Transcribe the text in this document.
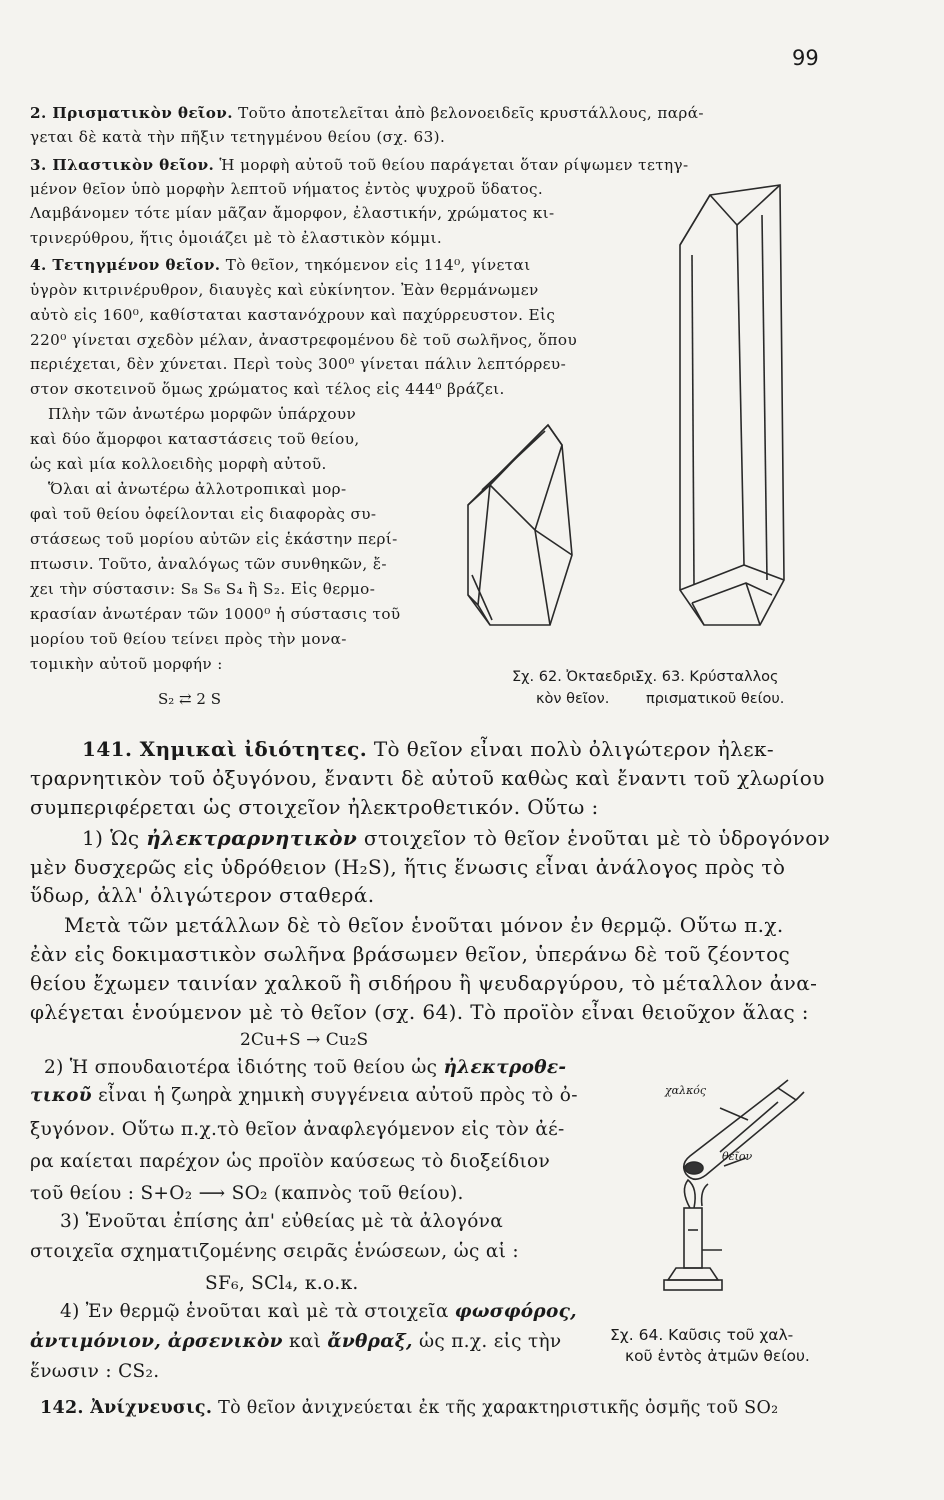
99
2. Πρισματικὸν θεῖον. Τοῦτο ἀποτελεῖται ἀπὸ βελονοειδεῖς κρυστάλλους, παρά-
γεται δὲ κατὰ τὴν πῆξιν τετηγμένου θείου (σχ. 63).
3. Πλαστικὸν θεῖον. Ἡ μορφὴ αὐτοῦ τοῦ θείου παράγεται ὅταν ρίψωμεν τετηγ-
μένον θεῖον ὑπὸ μορφὴν λεπτοῦ νήματος ἐντὸς ψυχροῦ ὕδατος.
Λαμβάνομεν τότε μίαν μᾶζαν ἄμορφον, ἐλαστικήν, χρώματος κι-
τρινερύθρου, ἥτις ὁμοιάζει μὲ τὸ ἐλαστικὸν κόμμι.
4. Τετηγμένον θεῖον. Τὸ θεῖον, τηκόμενον εἰς 114⁰, γίνεται
ὑγρὸν κιτρινέρυθρον, διαυγὲς καὶ εὐκίνητον. Ἐὰν θερμάνωμεν
αὐτὸ εἰς 160⁰, καθίσταται καστανόχρουν καὶ παχύρρευστον. Εἰς
220⁰ γίνεται σχεδὸν μέλαν, ἀναστρεφομένου δὲ τοῦ σωλῆνος, ὅπου
περιέχεται, δὲν χύνεται. Περὶ τοὺς 300⁰ γίνεται πάλιν λεπτόρρευ-
στον σκοτεινοῦ ὅμως χρώματος καὶ τέλος εἰς 444⁰ βράζει.
Πλὴν τῶν ἀνωτέρω μορφῶν ὑπάρχουν
καὶ δύο ἄμορφοι καταστάσεις τοῦ θείου,
ὡς καὶ μία κολλοειδὴς μορφὴ αὐτοῦ.
Ὅλαι αἱ ἀνωτέρω ἀλλοτροπικαὶ μορ-
φαὶ τοῦ θείου ὀφείλονται εἰς διαφορὰς συ-
στάσεως τοῦ μορίου αὐτῶν εἰς ἑκάστην περί-
πτωσιν. Τοῦτο, ἀναλόγως τῶν συνθηκῶν, ἔ-
χει τὴν σύστασιν: S₈ S₆ S₄ ἢ S₂. Εἰς θερμο-
κρασίαν ἀνωτέραν τῶν 1000⁰ ἡ σύστασις τοῦ
μορίου τοῦ θείου τείνει πρὸς τὴν μονα-
τομικὴν αὐτοῦ μορφήν :
S₂ ⇄ 2 S
Σχ. 62. Ὀκταεδρι-
κὸν θεῖον.
Σχ. 63. Κρύσταλλος
πρισματικοῦ θείου.
141. Χημικαὶ ἰδιότητες. Τὸ θεῖον εἶναι πολὺ ὀλιγώτερον ἠλεκ-
τραρνητικὸν τοῦ ὀξυγόνου, ἔναντι δὲ αὐτοῦ καθὼς καὶ ἔναντι τοῦ χλωρίου
συμπεριφέρεται ὡς στοιχεῖον ἠλεκτροθετικόν. Οὕτω :
1) Ὡς ἠλεκτραρνητικὸν στοιχεῖον τὸ θεῖον ἑνοῦται μὲ τὸ ὑδρογόνον
μὲν δυσχερῶς εἰς ὑδρόθειον (H₂S), ἥτις ἕνωσις εἶναι ἀνάλογος πρὸς τὸ
ὕδωρ, ἀλλ' ὀλιγώτερον σταθερά.
Μετὰ τῶν μετάλλων δὲ τὸ θεῖον ἑνοῦται μόνον ἐν θερμῷ. Οὕτω π.χ.
ἐὰν εἰς δοκιμαστικὸν σωλῆνα βράσωμεν θεῖον, ὑπεράνω δὲ τοῦ ζέοντος
θείου ἔχωμεν ταινίαν χαλκοῦ ἢ σιδήρου ἢ ψευδαργύρου, τὸ μέταλλον ἀνα-
φλέγεται ἑνούμενον μὲ τὸ θεῖον (σχ. 64). Τὸ προϊὸν εἶναι θειοῦχον ἅλας :
2Cu+S → Cu₂S
2) Ἡ σπουδαιοτέρα ἰδιότης τοῦ θείου ὡς ἠλεκτροθε-
τικοῦ εἶναι ἡ ζωηρὰ χημικὴ συγγένεια αὐτοῦ πρὸς τὸ ὀ-
ξυγόνον. Οὕτω π.χ.τὸ θεῖον ἀναφλεγόμενον εἰς τὸν ἀέ-
ρα καίεται παρέχον ὡς προϊὸν καύσεως τὸ διοξείδιον
τοῦ θείου : S+O₂ ⟶ SO₂ (καπνὸς τοῦ θείου).
3) Ἑνοῦται ἐπίσης ἀπ' εὐθείας μὲ τὰ ἀλογόνα
στοιχεῖα σχηματιζομένης σειρᾶς ἑνώσεων, ὡς αἱ :
SF₆, SCl₄, κ.ο.κ.
4) Ἐν θερμῷ ἑνοῦται καὶ μὲ τὰ στοιχεῖα φωσφόρος,
ἀντιμόνιον, ἀρσενικὸν καὶ ἄνθραξ, ὡς π.χ. εἰς τὴν
ἕνωσιν : CS₂.
χαλκός
θεῖον
Σχ. 64. Καῦσις τοῦ χαλ-
κοῦ ἐντὸς ἀτμῶν θείου.
142. Ἀνίχνευσις. Τὸ θεῖον ἀνιχνεύεται ἐκ τῆς χαρακτηριστικῆς ὀσμῆς τοῦ SO₂
